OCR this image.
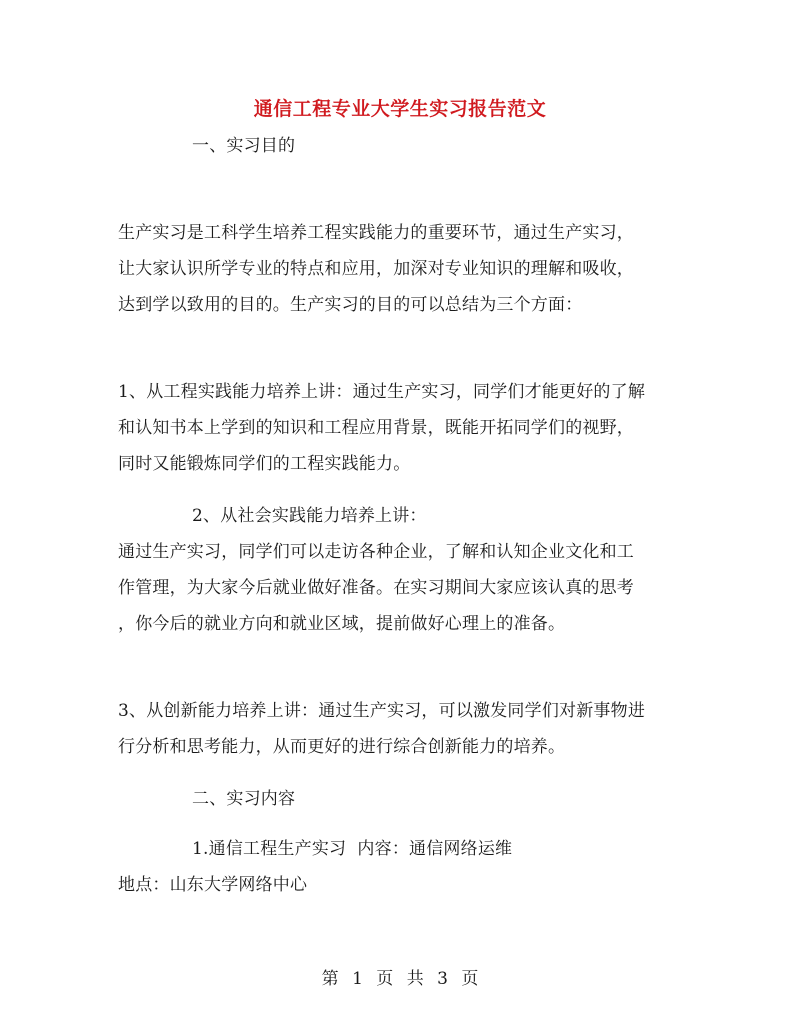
通信工程专业大学生实习报告范文
一、实习目的
生产实习是工科学生培养工程实践能力的重要环节，通过生产实习，
让大家认识所学专业的特点和应用，加深对专业知识的理解和吸收，
达到学以致用的目的。生产实习的目的可以总结为三个方面：
1、从工程实践能力培养上讲：通过生产实习，同学们才能更好的了解
和认知书本上学到的知识和工程应用背景，既能开拓同学们的视野，
同时又能锻炼同学们的工程实践能力。
2、从社会实践能力培养上讲：
通过生产实习，同学们可以走访各种企业，了解和认知企业文化和工
作管理，为大家今后就业做好准备。在实习期间大家应该认真的思考
，你今后的就业方向和就业区域，提前做好心理上的准备。
3、从创新能力培养上讲：通过生产实习，可以激发同学们对新事物进
行分析和思考能力，从而更好的进行综合创新能力的培养。
二、实习内容
1.通信工程生产实习  内容：通信网络运维
地点：山东大学网络中心
第 1 页 共 3 页
